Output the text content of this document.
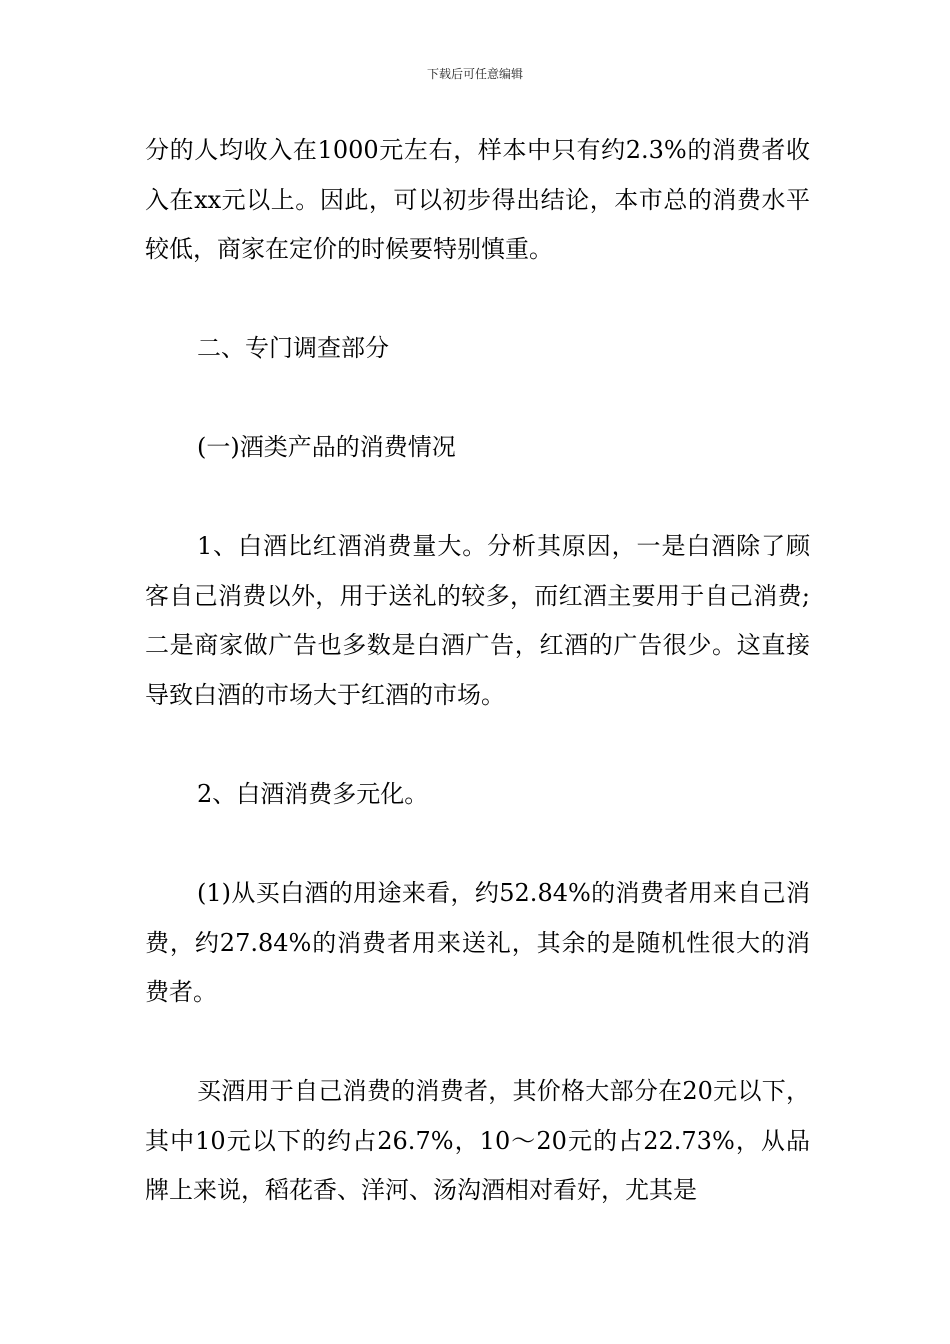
下载后可任意编辑

分的人均收入在1000元左右，样本中只有约2.3%的消费者收入在xx元以上。因此，可以初步得出结论，本市总的消费水平较低，商家在定价的时候要特别慎重。

二、专门调查部分

(一)酒类产品的消费情况

1、白酒比红酒消费量大。分析其原因，一是白酒除了顾客自己消费以外，用于送礼的较多，而红酒主要用于自己消费;二是商家做广告也多数是白酒广告，红酒的广告很少。这直接导致白酒的市场大于红酒的市场。

2、白酒消费多元化。

(1)从买白酒的用途来看，约52.84%的消费者用来自己消费，约27.84%的消费者用来送礼，其余的是随机性很大的消费者。

买酒用于自己消费的消费者，其价格大部分在20元以下，其中10元以下的约占26.7%，10～20元的占22.73%，从品牌上来说，稻花香、洋河、汤沟酒相对看好，尤其是
